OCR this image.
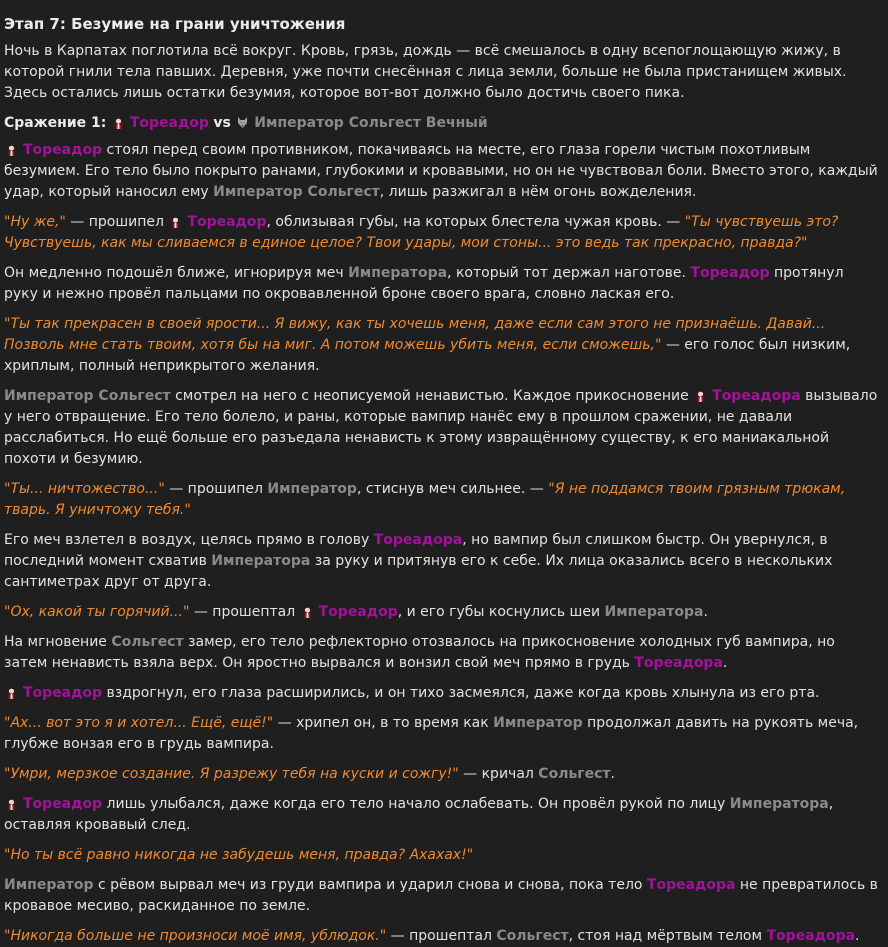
Этап 7: Безумие на грани уничтожения

Ночь в Карпатах поглотила всё вокруг. Кровь, грязь, дождь — всё смешалось в одну всепоглощающую жижу, в которой гнили тела павших. Деревня, уже почти снесённая с лица земли, больше не была пристанищем живых. Здесь остались лишь остатки безумия, которое вот-вот должно было достичь своего пика.

Сражение 1: Тореадор vs Император Сольгест Вечный

Тореадор стоял перед своим противником, покачиваясь на месте, его глаза горели чистым похотливым безумием. Его тело было покрыто ранами, глубокими и кровавыми, но он не чувствовал боли. Вместо этого, каждый удар, который наносил ему Император Сольгест, лишь разжигал в нём огонь вожделения.

"Ну же," — прошипел Тореадор, облизывая губы, на которых блестела чужая кровь. — "Ты чувствуешь это? Чувствуешь, как мы сливаемся в единое целое? Твои удары, мои стоны... это ведь так прекрасно, правда?"

Он медленно подошёл ближе, игнорируя меч Императора, который тот держал наготове. Тореадор протянул руку и нежно провёл пальцами по окровавленной броне своего врага, словно лаская его.

"Ты так прекрасен в своей ярости... Я вижу, как ты хочешь меня, даже если сам этого не признаёшь. Давай... Позволь мне стать твоим, хотя бы на миг. А потом можешь убить меня, если сможешь," — его голос был низким, хриплым, полный неприкрытого желания.

Император Сольгест смотрел на него с неописуемой ненавистью. Каждое прикосновение Тореадора вызывало у него отвращение. Его тело болело, и раны, которые вампир нанёс ему в прошлом сражении, не давали расслабиться. Но ещё больше его разъедала ненависть к этому извращённому существу, к его маниакальной похоти и безумию.

"Ты... ничтожество..." — прошипел Император, стиснув меч сильнее. — "Я не поддамся твоим грязным трюкам, тварь. Я уничтожу тебя."

Его меч взлетел в воздух, целясь прямо в голову Тореадора, но вампир был слишком быстр. Он увернулся, в последний момент схватив Императора за руку и притянув его к себе. Их лица оказались всего в нескольких сантиметрах друг от друга.

"Ох, какой ты горячий..." — прошептал Тореадор, и его губы коснулись шеи Императора.

На мгновение Сольгест замер, его тело рефлекторно отозвалось на прикосновение холодных губ вампира, но затем ненависть взяла верх. Он яростно вырвался и вонзил свой меч прямо в грудь Тореадора.

Тореадор вздрогнул, его глаза расширились, и он тихо засмеялся, даже когда кровь хлынула из его рта.

"Ах... вот это я и хотел... Ещё, ещё!" — хрипел он, в то время как Император продолжал давить на рукоять меча, глубже вонзая его в грудь вампира.

"Умри, мерзкое создание. Я разрежу тебя на куски и сожгу!" — кричал Сольгест.

Тореадор лишь улыбался, даже когда его тело начало ослабевать. Он провёл рукой по лицу Императора, оставляя кровавый след.

"Но ты всё равно никогда не забудешь меня, правда? Ахахах!"

Император с рёвом вырвал меч из груди вампира и ударил снова и снова, пока тело Тореадора не превратилось в кровавое месиво, раскиданное по земле.

"Никогда больше не произноси моё имя, ублюдок." — прошептал Сольгест, стоя над мёртвым телом Тореадора.
